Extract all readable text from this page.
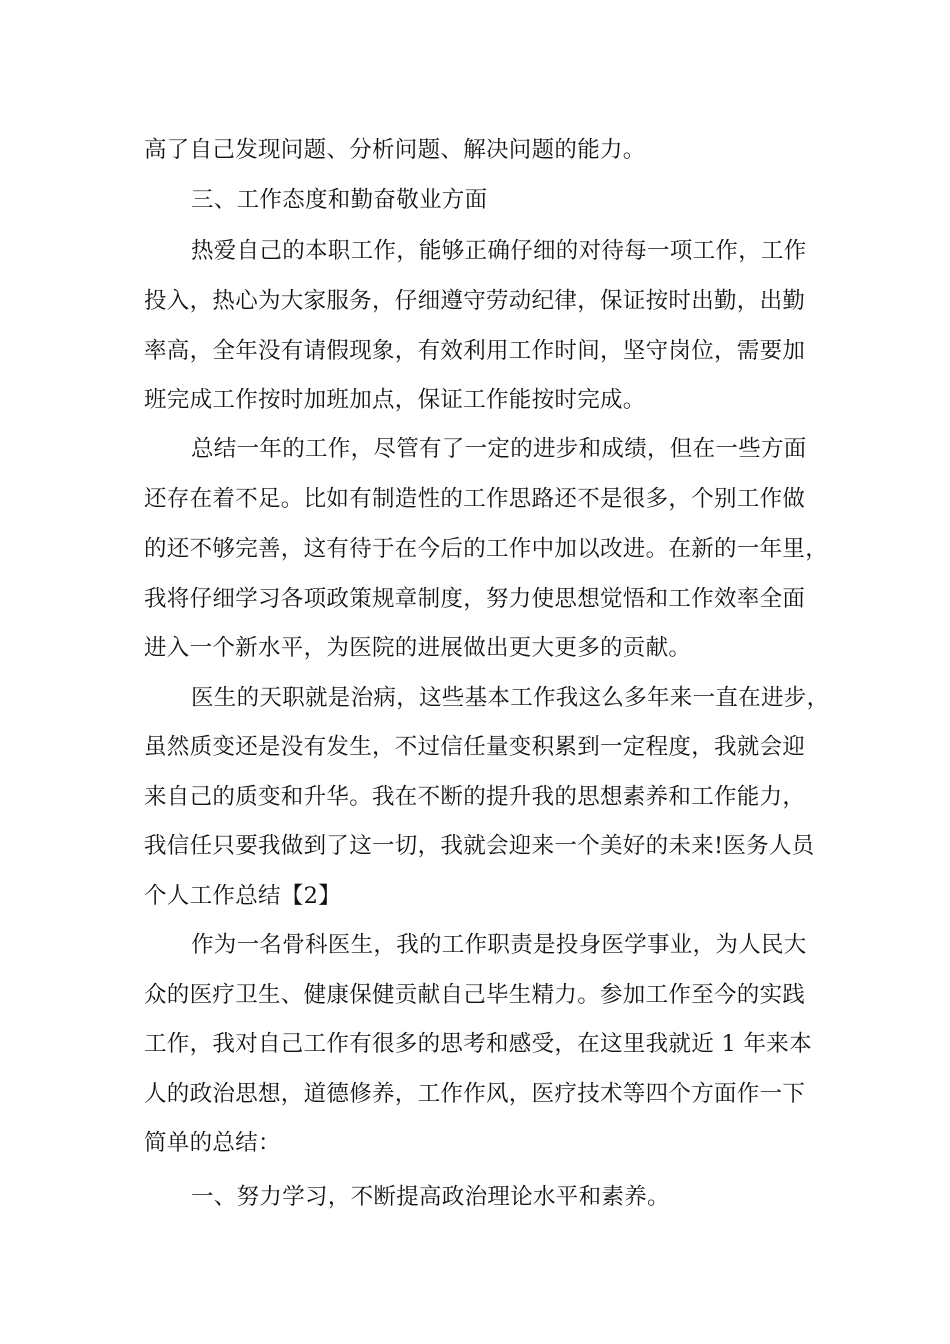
高了自己发现问题、分析问题、解决问题的能力。
三、工作态度和勤奋敬业方面
热爱自己的本职工作，能够正确仔细的对待每一项工作，工作
投入，热心为大家服务，仔细遵守劳动纪律，保证按时出勤，出勤
率高，全年没有请假现象，有效利用工作时间，坚守岗位，需要加
班完成工作按时加班加点，保证工作能按时完成。
总结一年的工作，尽管有了一定的进步和成绩，但在一些方面
还存在着不足。比如有制造性的工作思路还不是很多，个别工作做
的还不够完善，这有待于在今后的工作中加以改进。在新的一年里，
我将仔细学习各项政策规章制度，努力使思想觉悟和工作效率全面
进入一个新水平，为医院的进展做出更大更多的贡献。
医生的天职就是治病，这些基本工作我这么多年来一直在进步，
虽然质变还是没有发生，不过信任量变积累到一定程度，我就会迎
来自己的质变和升华。我在不断的提升我的思想素养和工作能力，
我信任只要我做到了这一切，我就会迎来一个美好的未来!医务人员
个人工作总结【2】
作为一名骨科医生，我的工作职责是投身医学事业，为人民大
众的医疗卫生、健康保健贡献自己毕生精力。参加工作至今的实践
工作，我对自己工作有很多的思考和感受，在这里我就近 1 年来本
人的政治思想，道德修养，工作作风，医疗技术等四个方面作一下
简单的总结：
一、努力学习，不断提高政治理论水平和素养。
